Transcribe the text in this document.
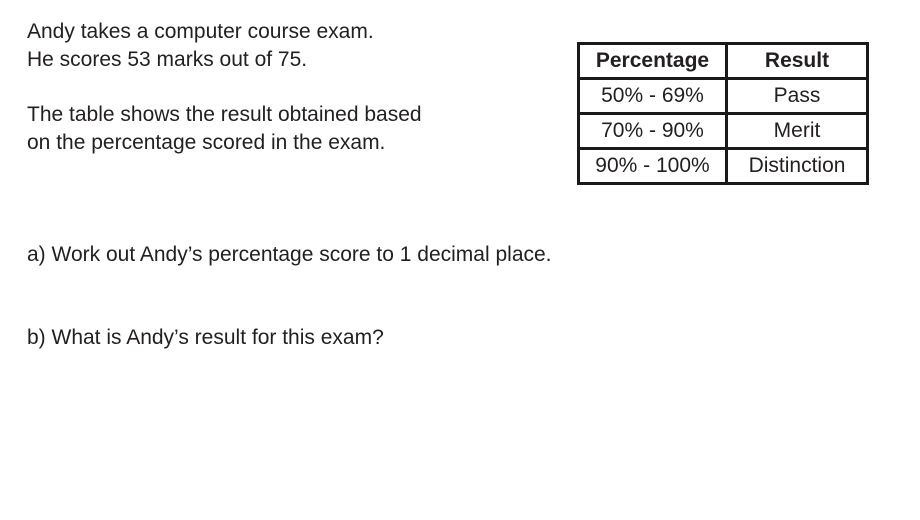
Andy takes a computer course exam.
He scores 53 marks out of 75.
The table shows the result obtained based
on the percentage scored in the exam.
Percentage	Result
50% - 69%	Pass
70% - 90%	Merit
90% - 100%	Distinction
a) Work out Andy’s percentage score to 1 decimal place.
b) What is Andy’s result for this exam?
